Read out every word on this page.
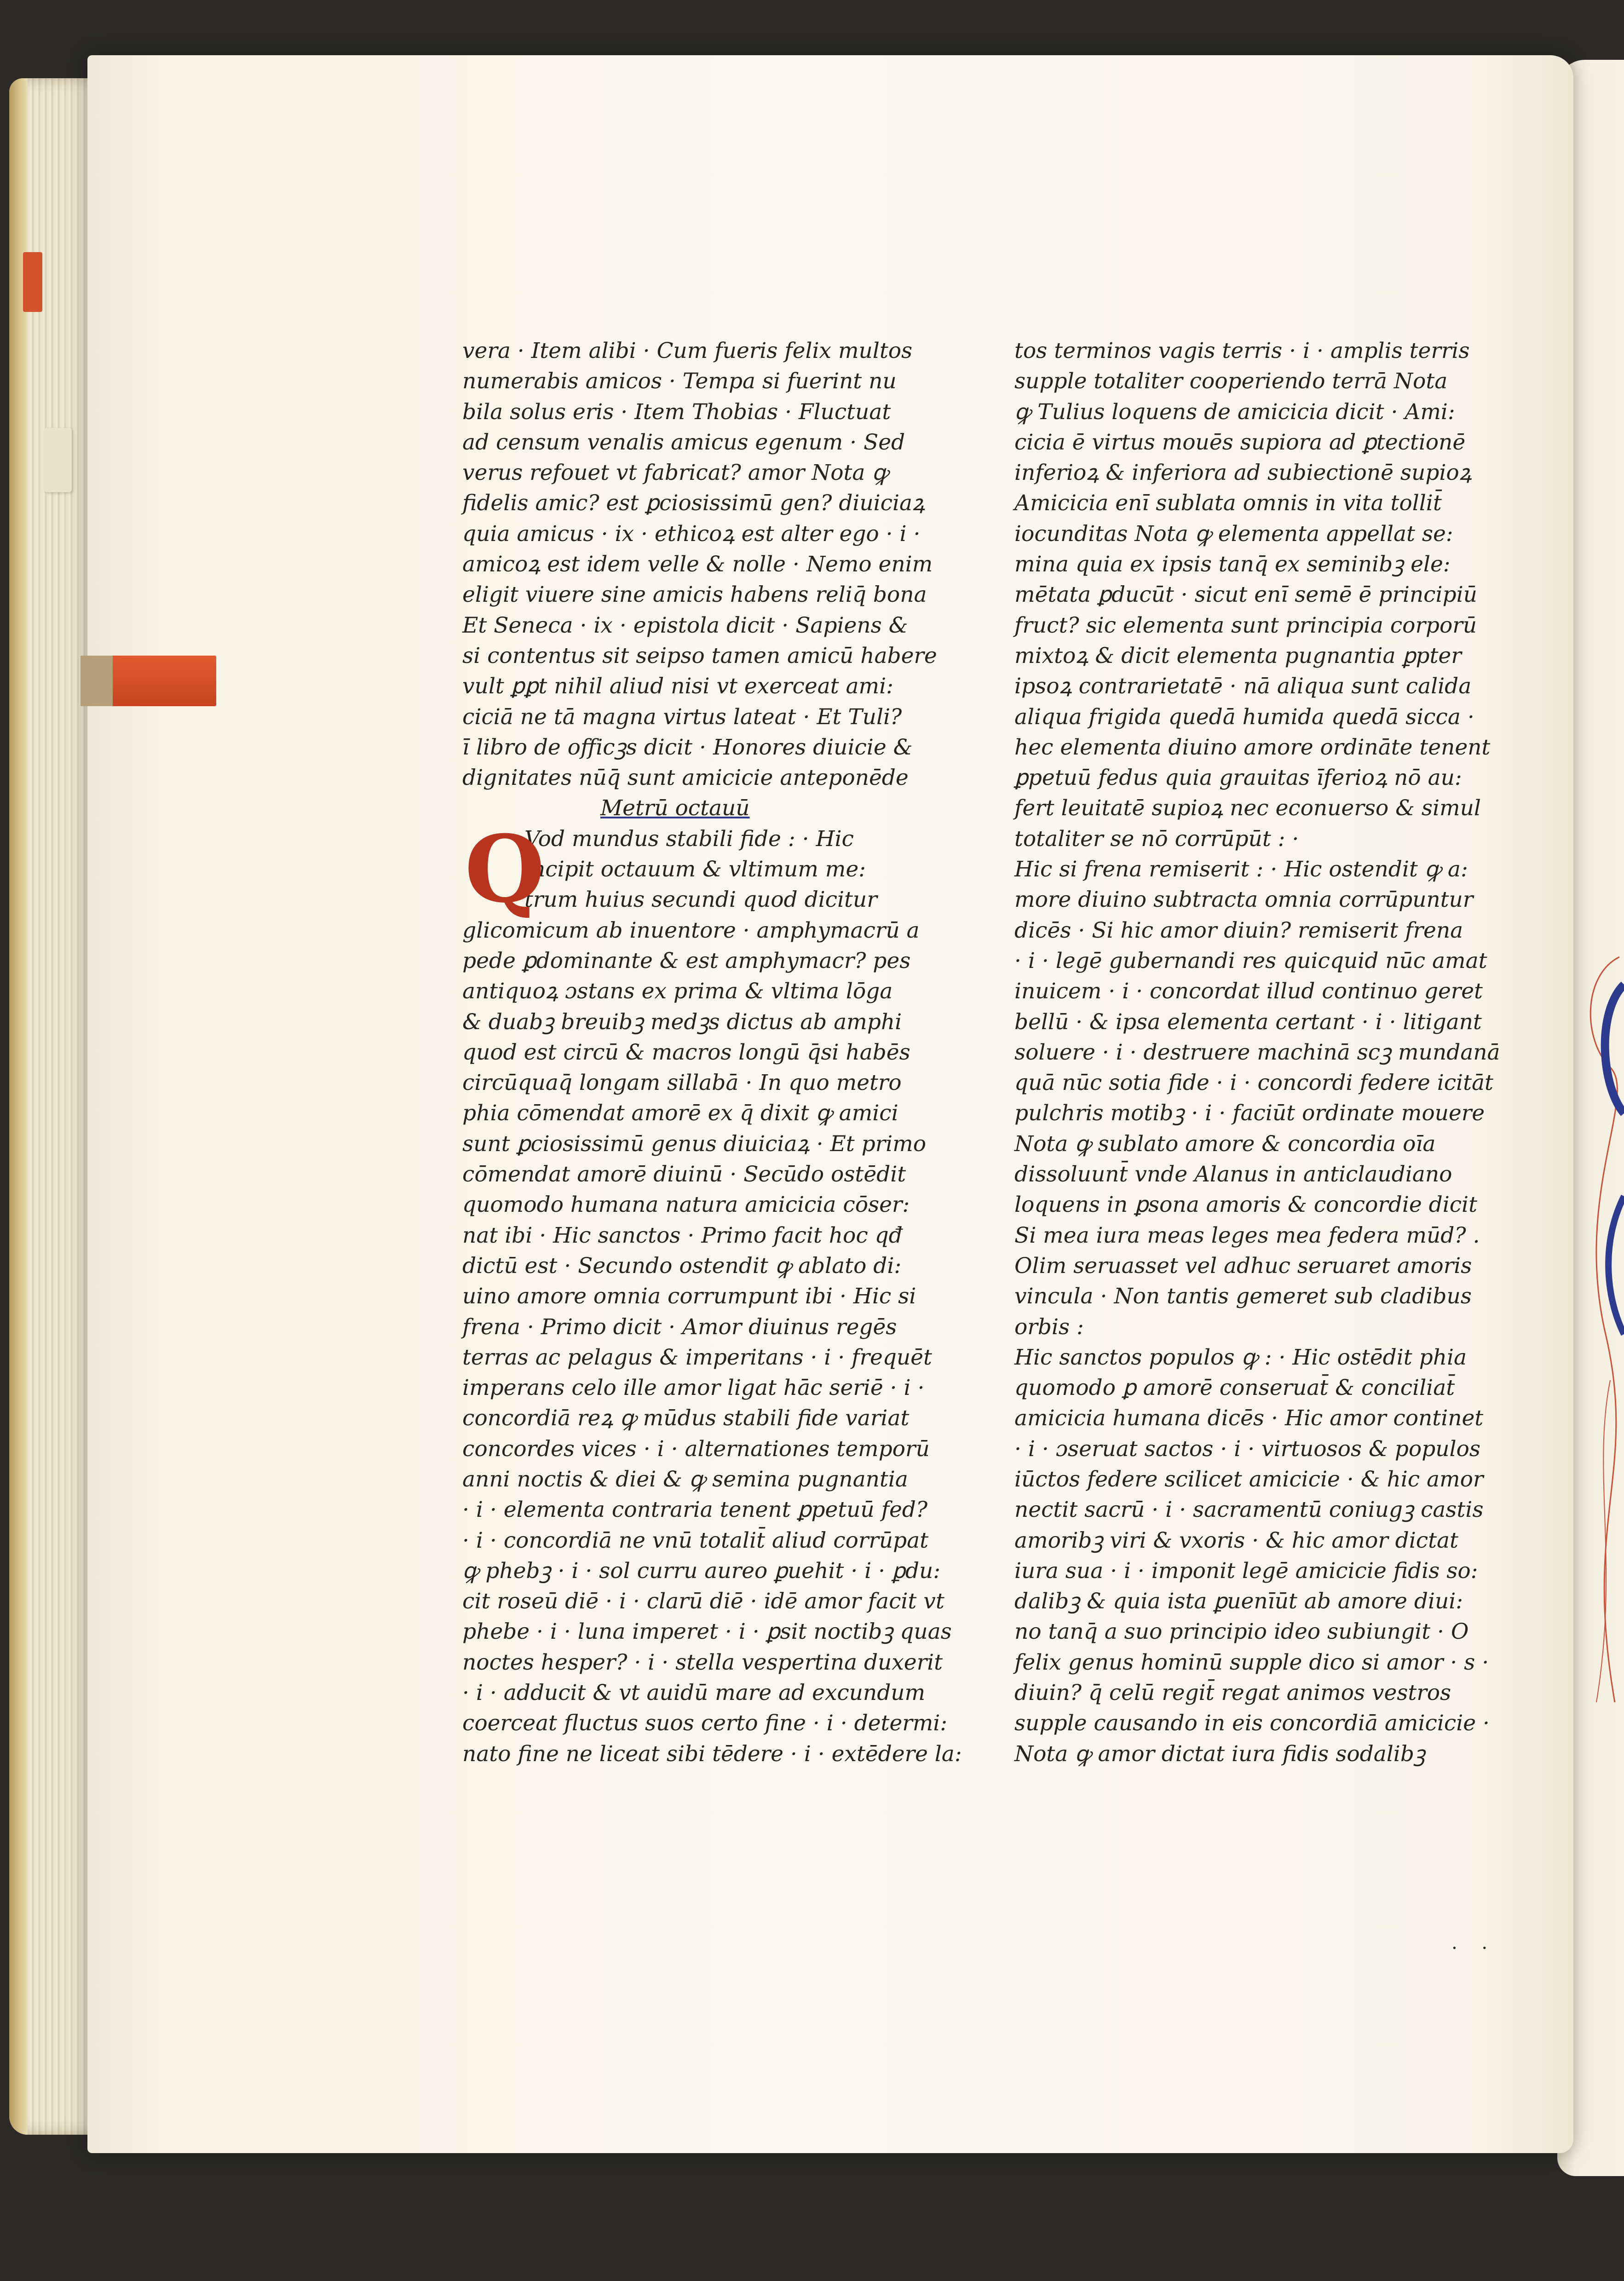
vera · Item alibi · Cum fueris felix multos
numerabis amicos · Tempa si fuerint nu
bila solus eris · Item Thobias · Fluctuat
ad censum venalis amicus egenum · Sed
verus refouet vt fabricat? amor Nota ꝙ
fidelis amic? est ꝑciosissimū gen? diuiciaꝝ
quia amicus · ix · ethicoꝝ est alter ego · i ·
amicoꝝ est idem velle & nolle · Nemo enim
eligit viuere sine amicis habens reliq̄ bona
Et Seneca · ix · epistola dicit · Sapiens &
si contentus sit seipso tamen amicū habere
vult ꝑꝑt nihil aliud nisi vt exerceat ami:
ciciā ne tā magna virtus lateat · Et Tuli?
ī libro de officꝫs dicit · Honores diuicie &
dignitates nūq̄ sunt amicicie anteponēde
Metrū octauū
Vod mundus stabili fide : · Hic
incipit octauum & vltimum me:
trum huius secundi quod dicitur
glicomicum ab inuentore · amphymacrū a
pede ꝑdominante & est amphymacr? pes
antiquoꝝ ɔstans ex prima & vltima lōga
& duabꝫ breuibꝫ medꝫs dictus ab amphi
quod est circū & macros longū q̄si habēs
circūquaq̄ longam sillabā · In quo metro
phia cōmendat amorē ex q̄ dixit ꝙ amici
sunt ꝑciosissimū genus diuiciaꝝ · Et primo
cōmendat amorē diuinū · Secūdo ostēdit
quomodo humana natura amicicia cōser:
nat ibi · Hic sanctos · Primo facit hoc qđ
dictū est · Secundo ostendit ꝙ ablato di:
uino amore omnia corrumpunt ibi · Hic si
frena · Primo dicit · Amor diuinus regēs
terras ac pelagus & imperitans · i · frequēt
imperans celo ille amor ligat hāc seriē · i ·
concordiā reꝝ ꝙ mūdus stabili fide variat
concordes vices · i · alternationes temporū
anni noctis & diei & ꝙ semina pugnantia
· i · elementa contraria tenent ꝑpetuū fed?
· i · concordiā ne vnū totalit̄ aliud corrūpat
ꝙ phebꝫ · i · sol curru aureo ꝑuehit · i · ꝑdu:
cit roseū diē · i · clarū diē · idē amor facit vt
phebe · i · luna imperet · i · ꝑsit noctibꝫ quas
noctes hesper? · i · stella vespertina duxerit
· i · adducit & vt auidū mare ad excundum
coerceat fluctus suos certo fine · i · determi:
nato fine ne liceat sibi tēdere · i · extēdere la:
Q
tos terminos vagis terris · i · amplis terris
supple totaliter cooperiendo terrā Nota
ꝙ Tulius loquens de amicicia dicit · Ami:
cicia ē virtus mouēs supiora ad ꝑtectionē
inferioꝝ & inferiora ad subiectionē supioꝝ
Amicicia enī sublata omnis in vita tollit̄
iocunditas Nota ꝙ elementa appellat se:
mina quia ex ipsis tanq̄ ex seminibꝫ ele:
mētata ꝑducūt · sicut enī semē ē principiū
fruct? sic elementa sunt principia corporū
mixtoꝝ & dicit elementa pugnantia ꝑpter
ipsoꝝ contrarietatē · nā aliqua sunt calida
aliqua frigida quedā humida quedā sicca ·
hec elementa diuino amore ordināte tenent
ꝑpetuū fedus quia grauitas īferioꝝ nō au:
fert leuitatē supioꝝ nec econuerso & simul
totaliter se nō corrūpūt : ·
Hic si frena remiserit : · Hic ostendit ꝙ a:
more diuino subtracta omnia corrūpuntur
dicēs · Si hic amor diuin? remiserit frena
· i · legē gubernandi res quicquid nūc amat
inuicem · i · concordat illud continuo geret
bellū · & ipsa elementa certant · i · litigant
soluere · i · destruere machinā scꝫ mundanā
quā nūc sotia fide · i · concordi federe icitāt
pulchris motibꝫ · i · faciūt ordinate mouere
Nota ꝙ sublato amore & concordia oīa
dissoluunt̄ vnde Alanus in anticlaudiano
loquens in ꝑsona amoris & concordie dicit
Si mea iura meas leges mea federa mūd? .
Olim seruasset vel adhuc seruaret amoris
vincula · Non tantis gemeret sub cladibus
orbis :
Hic sanctos populos ꝙ : · Hic ostēdit phia
quomodo ꝑ amorē conseruat̄ & conciliat̄
amicicia humana dicēs · Hic amor continet
· i · ɔseruat sactos · i · virtuosos & populos
iūctos federe scilicet amicicie · & hic amor
nectit sacrū · i · sacramentū coniugꝫ castis
amoribꝫ viri & vxoris · & hic amor dictat
iura sua · i · imponit legē amicicie fidis so:
dalibꝫ & quia ista ꝑuenīūt ab amore diui:
no tanq̄ a suo principio ideo subiungit · O
felix genus hominū supple dico si amor · s ·
diuin? q̄ celū regit̄ regat animos vestros
supple causando in eis concordiā amicicie ·
Nota ꝙ amor dictat iura fidis sodalibꝫ
. .
